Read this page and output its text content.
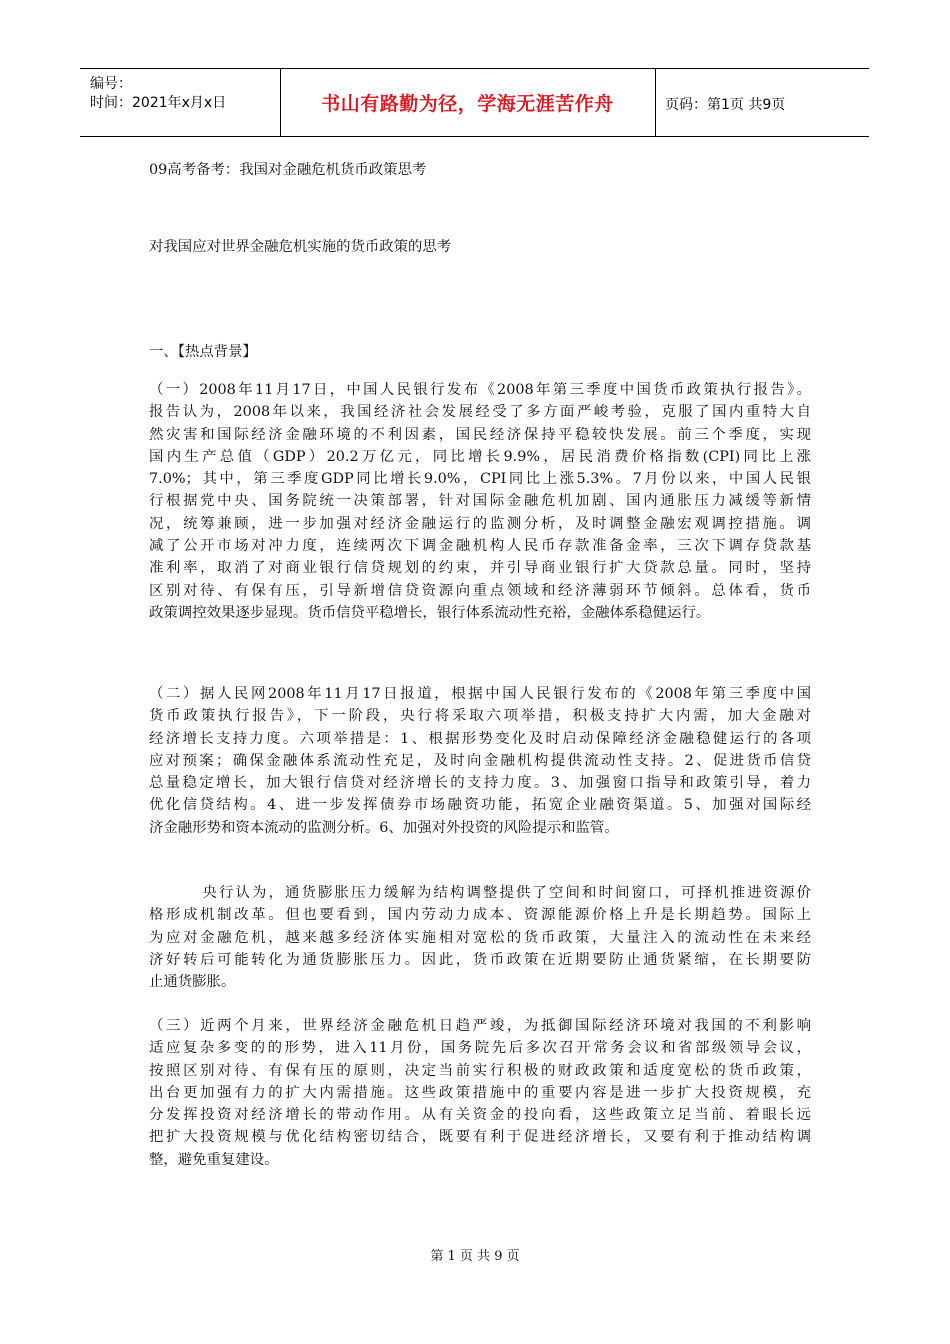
编号：
时间：2021年x月x日	书山有路勤为径，学海无涯苦作舟	页码：第1页 共9页
09高考备考：我国对金融危机货币政策思考
对我国应对世界金融危机实施的货币政策的思考
一、【热点背景】
（一）2008年11月17日，中国人民银行发布《2008年第三季度中国货币政策执行报告》。
报告认为，2008年以来，我国经济社会发展经受了多方面严峻考验，克服了国内重特大自
然灾害和国际经济金融环境的不利因素，国民经济保持平稳较快发展。前三个季度，实现
国内生产总值（GDP）20.2万亿元，同比增长9.9%，居民消费价格指数(CPI)同比上涨
7.0%；其中，第三季度GDP同比增长9.0%，CPI同比上涨5.3%。7月份以来，中国人民银
行根据党中央、国务院统一决策部署，针对国际金融危机加剧、国内通胀压力减缓等新情
况，统筹兼顾，进一步加强对经济金融运行的监测分析，及时调整金融宏观调控措施。调
减了公开市场对冲力度，连续两次下调金融机构人民币存款准备金率，三次下调存贷款基
准利率，取消了对商业银行信贷规划的约束，并引导商业银行扩大贷款总量。同时，坚持
区别对待、有保有压，引导新增信贷资源向重点领域和经济薄弱环节倾斜。总体看，货币
政策调控效果逐步显现。货币信贷平稳增长，银行体系流动性充裕，金融体系稳健运行。
（二）据人民网2008年11月17日报道，根据中国人民银行发布的《2008年第三季度中国
货币政策执行报告》，下一阶段，央行将采取六项举措，积极支持扩大内需，加大金融对
经济增长支持力度。六项举措是：1、根据形势变化及时启动保障经济金融稳健运行的各项
应对预案；确保金融体系流动性充足，及时向金融机构提供流动性支持。2、促进货币信贷
总量稳定增长，加大银行信贷对经济增长的支持力度。3、加强窗口指导和政策引导，着力
优化信贷结构。4、进一步发挥债券市场融资功能，拓宽企业融资渠道。5、加强对国际经
济金融形势和资本流动的监测分析。6、加强对外投资的风险提示和监管。
央行认为，通货膨胀压力缓解为结构调整提供了空间和时间窗口，可择机推进资源价
格形成机制改革。但也要看到，国内劳动力成本、资源能源价格上升是长期趋势。国际上
为应对金融危机，越来越多经济体实施相对宽松的货币政策，大量注入的流动性在未来经
济好转后可能转化为通货膨胀压力。因此，货币政策在近期要防止通货紧缩，在长期要防
止通货膨胀。
（三）近两个月来，世界经济金融危机日趋严竣，为抵御国际经济环境对我国的不利影响
适应复杂多变的的形势，进入11月份，国务院先后多次召开常务会议和省部级领导会议，
按照区别对待、有保有压的原则，决定当前实行积极的财政政策和适度宽松的货币政策，
出台更加强有力的扩大内需措施。这些政策措施中的重要内容是进一步扩大投资规模，充
分发挥投资对经济增长的带动作用。从有关资金的投向看，这些政策立足当前、着眼长远
把扩大投资规模与优化结构密切结合，既要有利于促进经济增长，又要有利于推动结构调
整，避免重复建设。
第 1 页 共 9 页
